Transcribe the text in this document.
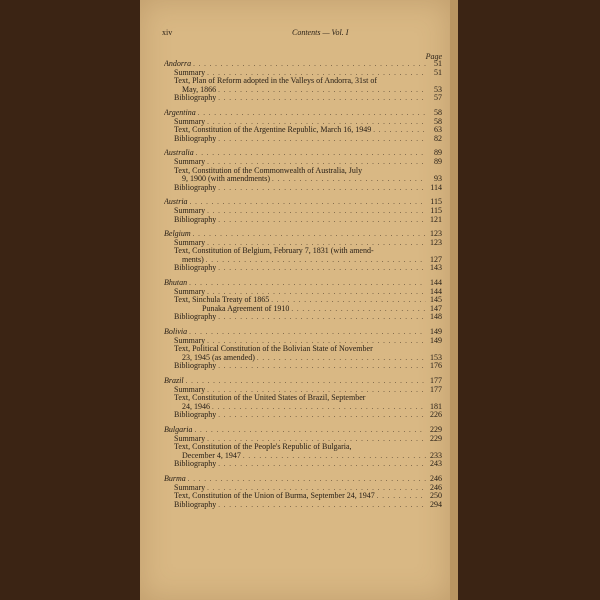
xiv	Contents — Vol. I
Page
Andorra . . .	51
Summary . . .	51
Text, Plan of Reform adopted in the Valleys of Andorra, 31st of
May, 1866 . . .	53
Bibliography . . .	57
Argentina . . .	58
Summary . . .	58
Text, Constitution of the Argentine Republic, March 16, 1949 . . .	63
Bibliography . . .	82
Australia . . .	89
Summary . . .	89
Text, Constitution of the Commonwealth of Australia, July
9, 1900 (with amendments) . . .	93
Bibliography . . .	114
Austria . . .	115
Summary . . .	115
Bibliography . . .	121
Belgium . . .	123
Summary . . .	123
Text, Constitution of Belgium, February 7, 1831 (with amend-
ments) . . .	127
Bibliography . . .	143
Bhutan . . .	144
Summary . . .	144
Text, Sinchula Treaty of 1865 . . .	145
Punaka Agreement of 1910 . . .	147
Bibliography . . .	148
Bolivia . . .	149
Summary . . .	149
Text, Political Constitution of the Bolivian State of November
23, 1945 (as amended) . . .	153
Bibliography . . .	176
Brazil . . .	177
Summary . . .	177
Text, Constitution of the United States of Brazil, September
24, 1946 . . .	181
Bibliography . . .	226
Bulgaria . . .	229
Summary . . .	229
Text, Constitution of the People's Republic of Bulgaria,
December 4, 1947 . . .	233
Bibliography . . .	243
Burma . . .	246
Summary . . .	246
Text, Constitution of the Union of Burma, September 24, 1947 . . .	250
Bibliography . . .	294
